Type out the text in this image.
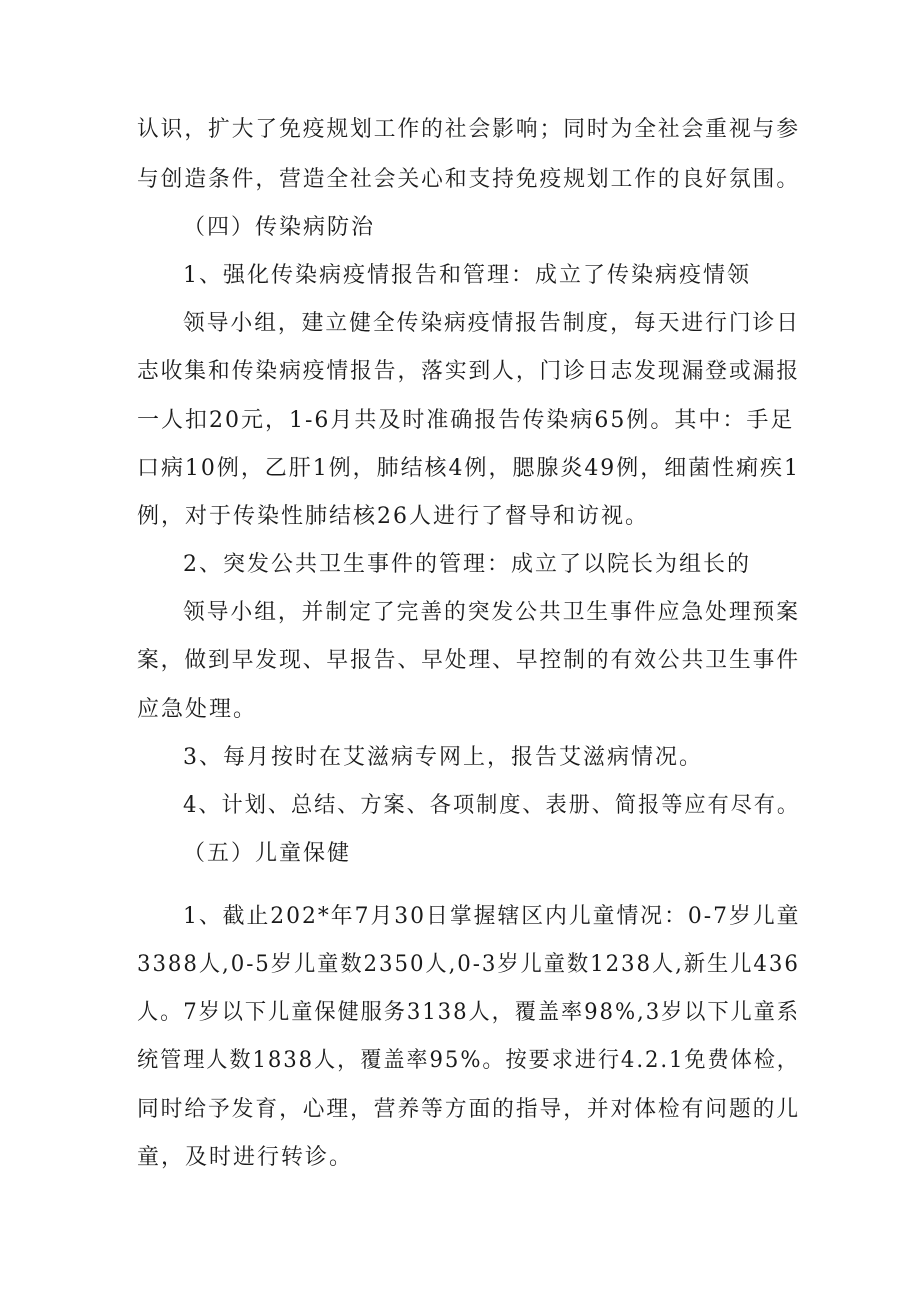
认识，扩大了免疫规划工作的社会影响；同时为全社会重视与参
与创造条件，营造全社会关心和支持免疫规划工作的良好氛围。
（四）传染病防治
1、强化传染病疫情报告和管理：成立了传染病疫情领
领导小组，建立健全传染病疫情报告制度，每天进行门诊日
志收集和传染病疫情报告，落实到人，门诊日志发现漏登或漏报
一人扣20元，1-6月共及时准确报告传染病65例。其中：手足
口病10例，乙肝1例，肺结核4例，腮腺炎49例，细菌性痢疾1
例，对于传染性肺结核26人进行了督导和访视。
2、突发公共卫生事件的管理：成立了以院长为组长的
领导小组，并制定了完善的突发公共卫生事件应急处理预案
案，做到早发现、早报告、早处理、早控制的有效公共卫生事件
应急处理。
3、每月按时在艾滋病专网上，报告艾滋病情况。
4、计划、总结、方案、各项制度、表册、简报等应有尽有。
（五）儿童保健
1、截止202*年7月30日掌握辖区内儿童情况：0-7岁儿童
3388人,0-5岁儿童数2350人,0-3岁儿童数1238人,新生儿436
人。7岁以下儿童保健服务3138人，覆盖率98%,3岁以下儿童系
统管理人数1838人，覆盖率95%。按要求进行4.2.1免费体检，
同时给予发育，心理，营养等方面的指导，并对体检有问题的儿
童，及时进行转诊。
